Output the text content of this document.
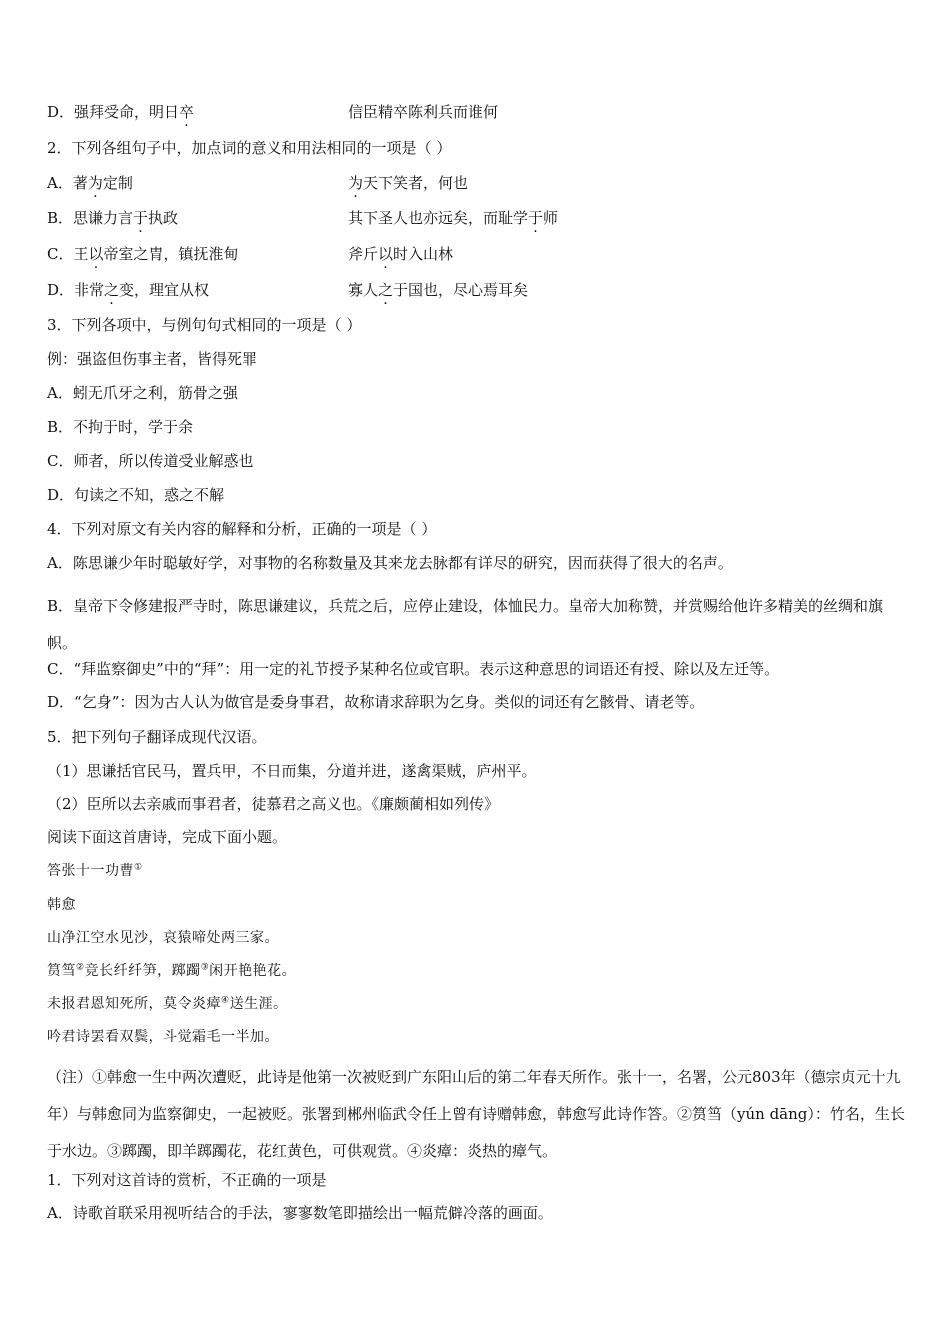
D．强拜受命，明日卒	信臣精卒陈利兵而谁何
2．下列各组句子中，加点词的意义和用法相同的一项是（ ）
A．著为定制	为天下笑者，何也
B．思谦力言于执政	其下圣人也亦远矣，而耻学于师
C．王以帝室之胄，镇抚淮甸	斧斤以时入山林
D．非常之变，理宜从权	寡人之于国也，尽心焉耳矣
3．下列各项中，与例句句式相同的一项是（ ）
例：强盗但伤事主者，皆得死罪
A．蚓无爪牙之利，筋骨之强
B．不拘于时，学于余
C．师者，所以传道受业解惑也
D．句读之不知，惑之不解
4．下列对原文有关内容的解释和分析，正确的一项是（ ）
A．陈思谦少年时聪敏好学，对事物的名称数量及其来龙去脉都有详尽的研究，因而获得了很大的名声。
B．皇帝下令修建报严寺时，陈思谦建议，兵荒之后，应停止建设，体恤民力。皇帝大加称赞，并赏赐给他许多精美的丝绸和旗帜。
C．“拜监察御史”中的“拜”：用一定的礼节授予某种名位或官职。表示这种意思的词语还有授、除以及左迁等。
D．“乞身”：因为古人认为做官是委身事君，故称请求辞职为乞身。类似的词还有乞骸骨、请老等。
5．把下列句子翻译成现代汉语。
（1）思谦括官民马，置兵甲，不日而集，分道并进，遂禽渠贼，庐州平。
（2）臣所以去亲戚而事君者，徒慕君之高义也。《廉颇蔺相如列传》
阅读下面这首唐诗，完成下面小题。
答张十一功曹①
韩愈
山净江空水见沙，哀猿啼处两三家。
筼筜②竞长纤纤笋，踯躅③闲开艳艳花。
未报君恩知死所，莫令炎瘴④送生涯。
吟君诗罢看双鬓，斗觉霜毛一半加。
（注）①韩愈一生中两次遭贬，此诗是他第一次被贬到广东阳山后的第二年春天所作。张十一，名署，公元803年（德宗贞元十九年）与韩愈同为监察御史，一起被贬。张署到郴州临武令任上曾有诗赠韩愈，韩愈写此诗作答。②筼筜（yún dāng）：竹名，生长于水边。③踯躅，即羊踯躅花，花红黄色，可供观赏。④炎瘴：炎热的瘴气。
1．下列对这首诗的赏析，不正确的一项是
A．诗歌首联采用视听结合的手法，寥寥数笔即描绘出一幅荒僻冷落的画面。
